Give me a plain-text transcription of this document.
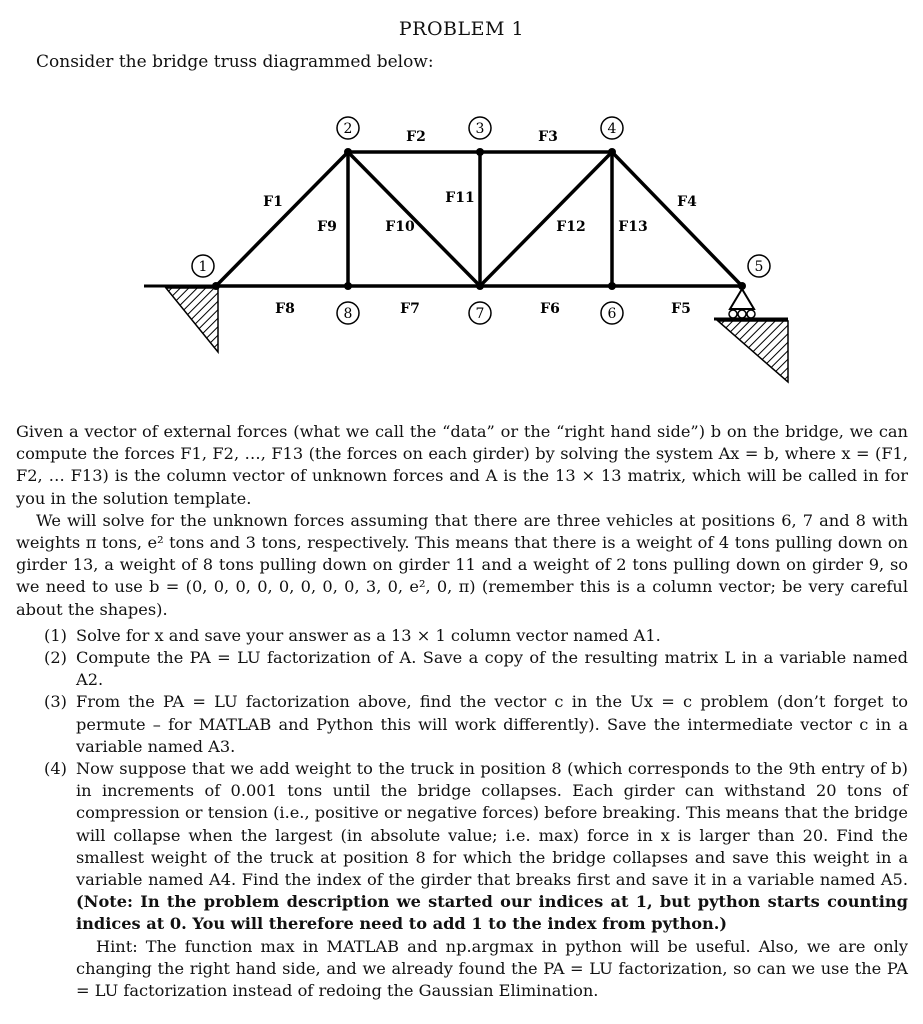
PROBLEM 1
Consider the bridge truss diagrammed below:
1
2	3	4
5
6
7
8
F1
F2	F3
F4
F5
F6
F7
F8
F9	F10
F11
F12 F13

Given a vector of external forces (what we call the “data” or the “right hand side”) b on the bridge, we can compute the forces F1, F2, …, F13 (the forces on each girder) by solving the system Ax = b, where x = (F1, F2, … F13) is the column vector of unknown forces and A is the 13 × 13 matrix, which will be called in for you in the solution template.

We will solve for the unknown forces assuming that there are three vehicles at positions 6, 7 and 8 with weights π tons, e² tons and 3 tons, respectively. This means that there is a weight of 4 tons pulling down on girder 13, a weight of 8 tons pulling down on girder 11 and a weight of 2 tons pulling down on girder 9, so we need to use b = (0, 0, 0, 0, 0, 0, 0, 0, 3, 0, e², 0, π) (remember this is a column vector; be very careful about the shapes).

(1) Solve for x and save your answer as a 13 × 1 column vector named A1.
(2) Compute the PA = LU factorization of A. Save a copy of the resulting matrix L in a variable named A2.
(3) From the PA = LU factorization above, find the vector c in the Ux = c problem (don’t forget to permute – for MATLAB and Python this will work differently). Save the intermediate vector c in a variable named A3.
(4) Now suppose that we add weight to the truck in position 8 (which corresponds to the 9th entry of b) in increments of 0.001 tons until the bridge collapses. Each girder can withstand 20 tons of compression or tension (i.e., positive or negative forces) before breaking. This means that the bridge will collapse when the largest (in absolute value; i.e. max) force in x is larger than 20. Find the smallest weight of the truck at position 8 for which the bridge collapses and save this weight in a variable named A4. Find the index of the girder that breaks first and save it in a variable named A5. (Note: In the problem description we started our indices at 1, but python starts counting indices at 0. You will therefore need to add 1 to the index from python.)
Hint: The function max in MATLAB and np.argmax in python will be useful. Also, we are only changing the right hand side, and we already found the PA = LU factorization, so can we use the PA = LU factorization instead of redoing the Gaussian Elimination.
